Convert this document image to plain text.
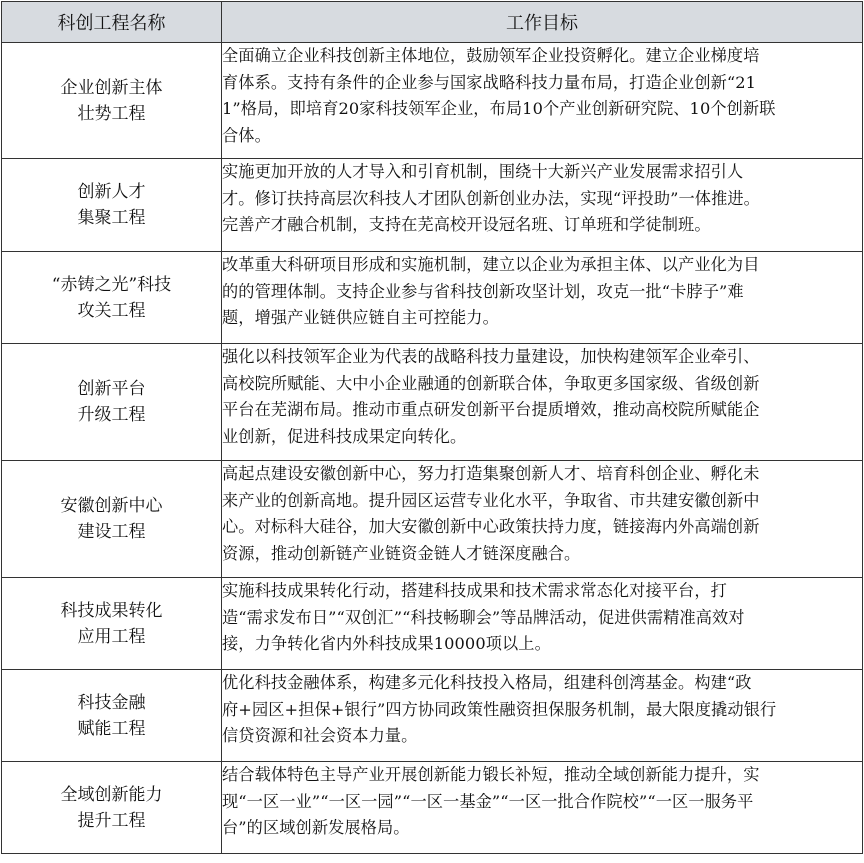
科创工程名称	工作目标

企业创新主体
壮势工程	全面确立企业科技创新主体地位，鼓励领军企业投资孵化。建立企业梯度培
育体系。支持有条件的企业参与国家战略科技力量布局，打造企业创新“21
1”格局，即培育20家科技领军企业，布局10个产业创新研究院、10个创新联
合体。

创新人才
集聚工程	实施更加开放的人才导入和引育机制，围绕十大新兴产业发展需求招引人
才。修订扶持高层次科技人才团队创新创业办法，实现“评投助”一体推进。
完善产才融合机制，支持在芜高校开设冠名班、订单班和学徒制班。

“赤铸之光”科技
攻关工程	改革重大科研项目形成和实施机制，建立以企业为承担主体、以产业化为目
的的管理体制。支持企业参与省科技创新攻坚计划，攻克一批“卡脖子”难
题，增强产业链供应链自主可控能力。

创新平台
升级工程	强化以科技领军企业为代表的战略科技力量建设，加快构建领军企业牵引、
高校院所赋能、大中小企业融通的创新联合体，争取更多国家级、省级创新
平台在芜湖布局。推动市重点研发创新平台提质增效，推动高校院所赋能企
业创新，促进科技成果定向转化。

安徽创新中心
建设工程	高起点建设安徽创新中心，努力打造集聚创新人才、培育科创企业、孵化未
来产业的创新高地。提升园区运营专业化水平，争取省、市共建安徽创新中
心。对标科大硅谷，加大安徽创新中心政策扶持力度，链接海内外高端创新
资源，推动创新链产业链资金链人才链深度融合。

科技成果转化
应用工程	实施科技成果转化行动，搭建科技成果和技术需求常态化对接平台，打
造“需求发布日”“双创汇”“科技畅聊会”等品牌活动，促进供需精准高效对
接，力争转化省内外科技成果10000项以上。

科技金融
赋能工程	优化科技金融体系，构建多元化科技投入格局，组建科创湾基金。构建“政
府+园区+担保+银行”四方协同政策性融资担保服务机制，最大限度撬动银行
信贷资源和社会资本力量。

全域创新能力
提升工程	结合载体特色主导产业开展创新能力锻长补短，推动全域创新能力提升，实
现“一区一业”“一区一园”“一区一基金”“一区一批合作院校”“一区一服务平
台”的区域创新发展格局。
